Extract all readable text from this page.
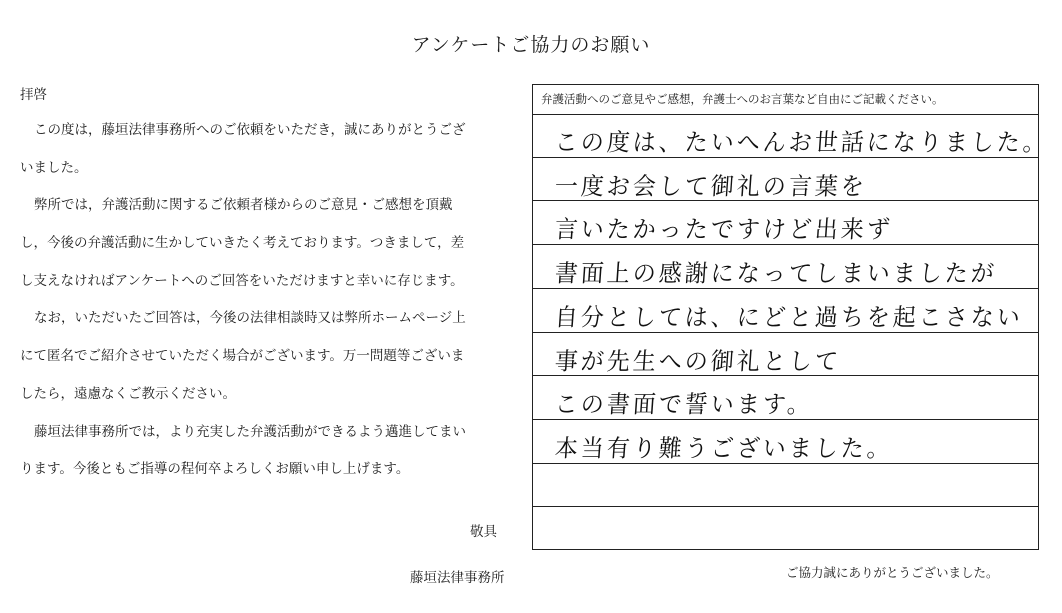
アンケートご協力のお願い
拝啓
この度は，藤垣法律事務所へのご依頼をいただき，誠にありがとうござ
いました。
弊所では，弁護活動に関するご依頼者様からのご意見・ご感想を頂戴
し，今後の弁護活動に生かしていきたく考えております。つきまして，差
し支えなければアンケートへのご回答をいただけますと幸いに存じます。
なお，いただいたご回答は，今後の法律相談時又は弊所ホームページ上
にて匿名でご紹介させていただく場合がございます。万一問題等ございま
したら，遠慮なくご教示ください。
藤垣法律事務所では，より充実した弁護活動ができるよう邁進してまい
ります。今後ともご指導の程何卒よろしくお願い申し上げます。
敬具
藤垣法律事務所
弁護活動へのご意見やご感想，弁護士へのお言葉など自由にご記載ください。
この度は、たいへんお世話になりました。
一度お会して御礼の言葉を
言いたかったですけど出来ず
書面上の感謝になってしまいましたが
自分としては、にどと過ちを起こさない
事が先生への御礼として
この書面で誓います。
本当有り難うございました。
ご協力誠にありがとうございました。
